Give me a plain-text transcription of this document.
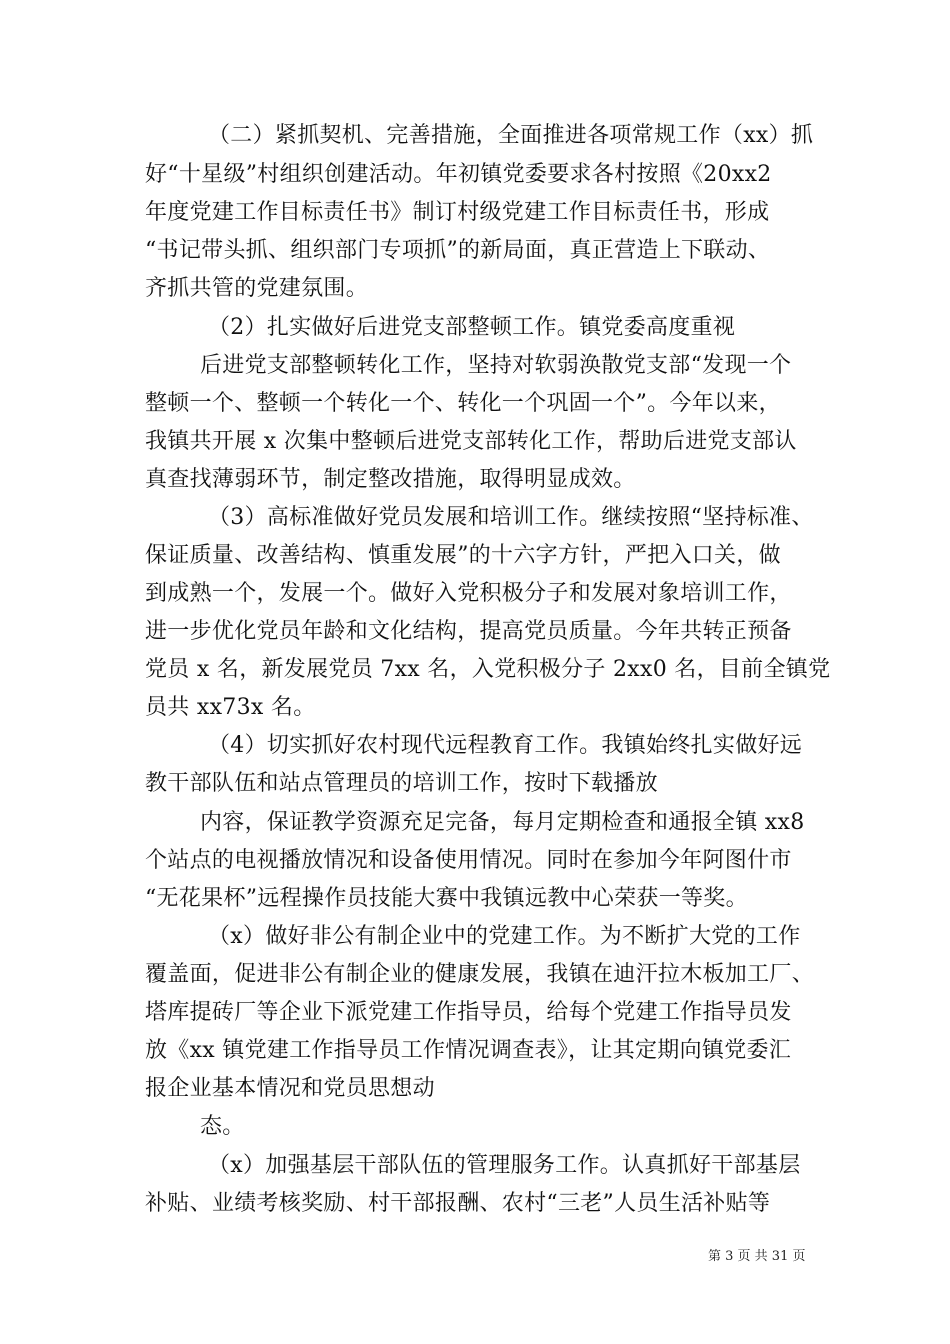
（二）紧抓契机、完善措施，全面推进各项常规工作（xx）抓
好“十星级”村组织创建活动。年初镇党委要求各村按照《20xx2
年度党建工作目标责任书》制订村级党建工作目标责任书，形成
“书记带头抓、组织部门专项抓”的新局面，真正营造上下联动、
齐抓共管的党建氛围。
（2）扎实做好后进党支部整顿工作。镇党委高度重视
后进党支部整顿转化工作，坚持对软弱涣散党支部“发现一个
整顿一个、整顿一个转化一个、转化一个巩固一个”。今年以来，
我镇共开展 x 次集中整顿后进党支部转化工作，帮助后进党支部认
真查找薄弱环节，制定整改措施，取得明显成效。
（3）高标准做好党员发展和培训工作。继续按照“坚持标准、
保证质量、改善结构、慎重发展”的十六字方针，严把入口关，做
到成熟一个，发展一个。做好入党积极分子和发展对象培训工作，
进一步优化党员年龄和文化结构，提高党员质量。今年共转正预备
党员 x 名，新发展党员 7xx 名，入党积极分子 2xx0 名，目前全镇党
员共 xx73x 名。
（4）切实抓好农村现代远程教育工作。我镇始终扎实做好远
教干部队伍和站点管理员的培训工作，按时下载播放
内容，保证教学资源充足完备，每月定期检查和通报全镇 xx8
个站点的电视播放情况和设备使用情况。同时在参加今年阿图什市
“无花果杯”远程操作员技能大赛中我镇远教中心荣获一等奖。
（x）做好非公有制企业中的党建工作。为不断扩大党的工作
覆盖面，促进非公有制企业的健康发展，我镇在迪汗拉木板加工厂、
塔库提砖厂等企业下派党建工作指导员，给每个党建工作指导员发
放《xx 镇党建工作指导员工作情况调查表》，让其定期向镇党委汇
报企业基本情况和党员思想动
态。
（x）加强基层干部队伍的管理服务工作。认真抓好干部基层
补贴、业绩考核奖励、村干部报酬、农村“三老”人员生活补贴等
第 3 页 共 31 页
